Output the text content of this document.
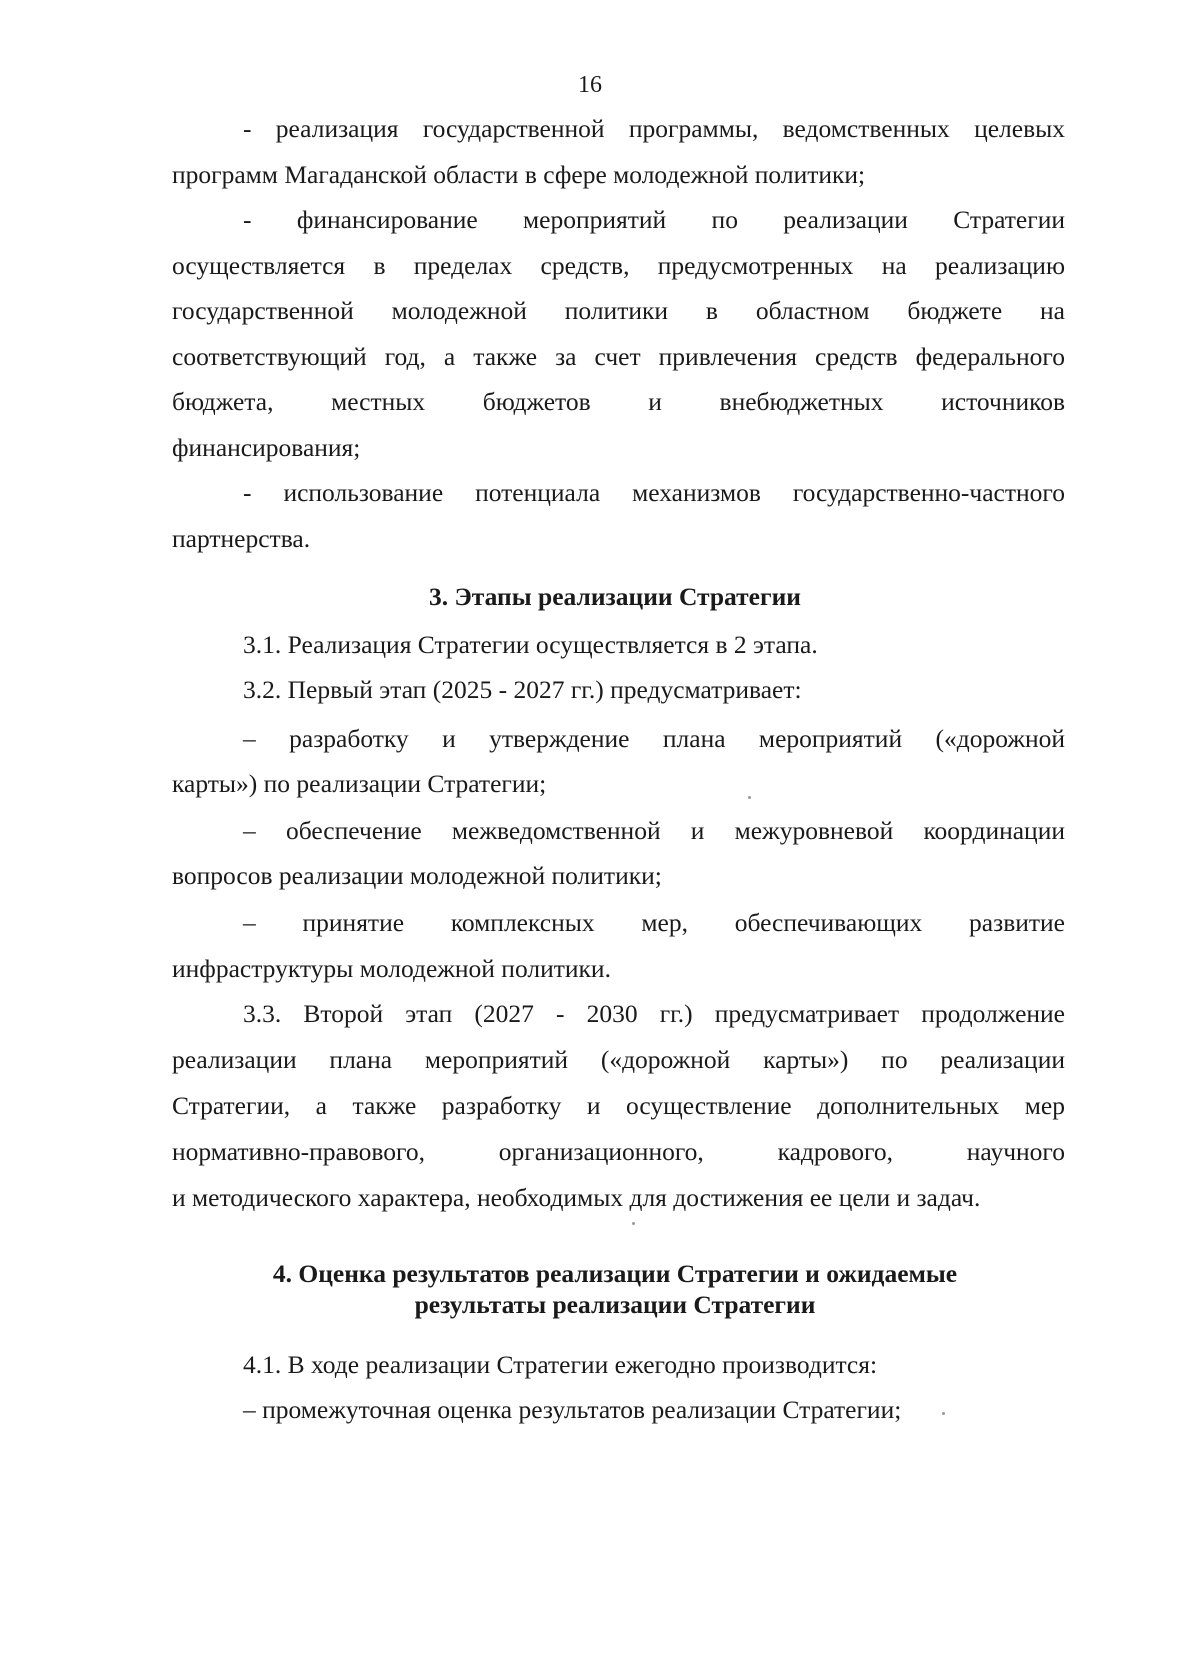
16
- реализация государственной программы, ведомственных целевых
программ Магаданской области в сфере молодежной политики;
- финансирование мероприятий по реализации Стратегии
осуществляется в пределах средств, предусмотренных на реализацию
государственной молодежной политики в областном бюджете на
соответствующий год, а также за счет привлечения средств федерального
бюджета, местных бюджетов и внебюджетных источников
финансирования;
- использование потенциала механизмов государственно-частного
партнерства.
3. Этапы реализации Стратегии
3.1. Реализация Стратегии осуществляется в 2 этапа.
3.2. Первый этап (2025 - 2027 гг.) предусматривает:
– разработку и утверждение плана мероприятий («дорожной
карты») по реализации Стратегии;
– обеспечение межведомственной и межуровневой координации
вопросов реализации молодежной политики;
– принятие комплексных мер, обеспечивающих развитие
инфраструктуры молодежной политики.
3.3. Второй этап (2027 - 2030 гг.) предусматривает продолжение
реализации плана мероприятий («дорожной карты») по реализации
Стратегии, а также разработку и осуществление дополнительных мер
нормативно-правового, организационного, кадрового, научного
и методического характера, необходимых для достижения ее цели и задач.
4. Оценка результатов реализации Стратегии и ожидаемые
результаты реализации Стратегии
4.1. В ходе реализации Стратегии ежегодно производится:
– промежуточная оценка результатов реализации Стратегии;
